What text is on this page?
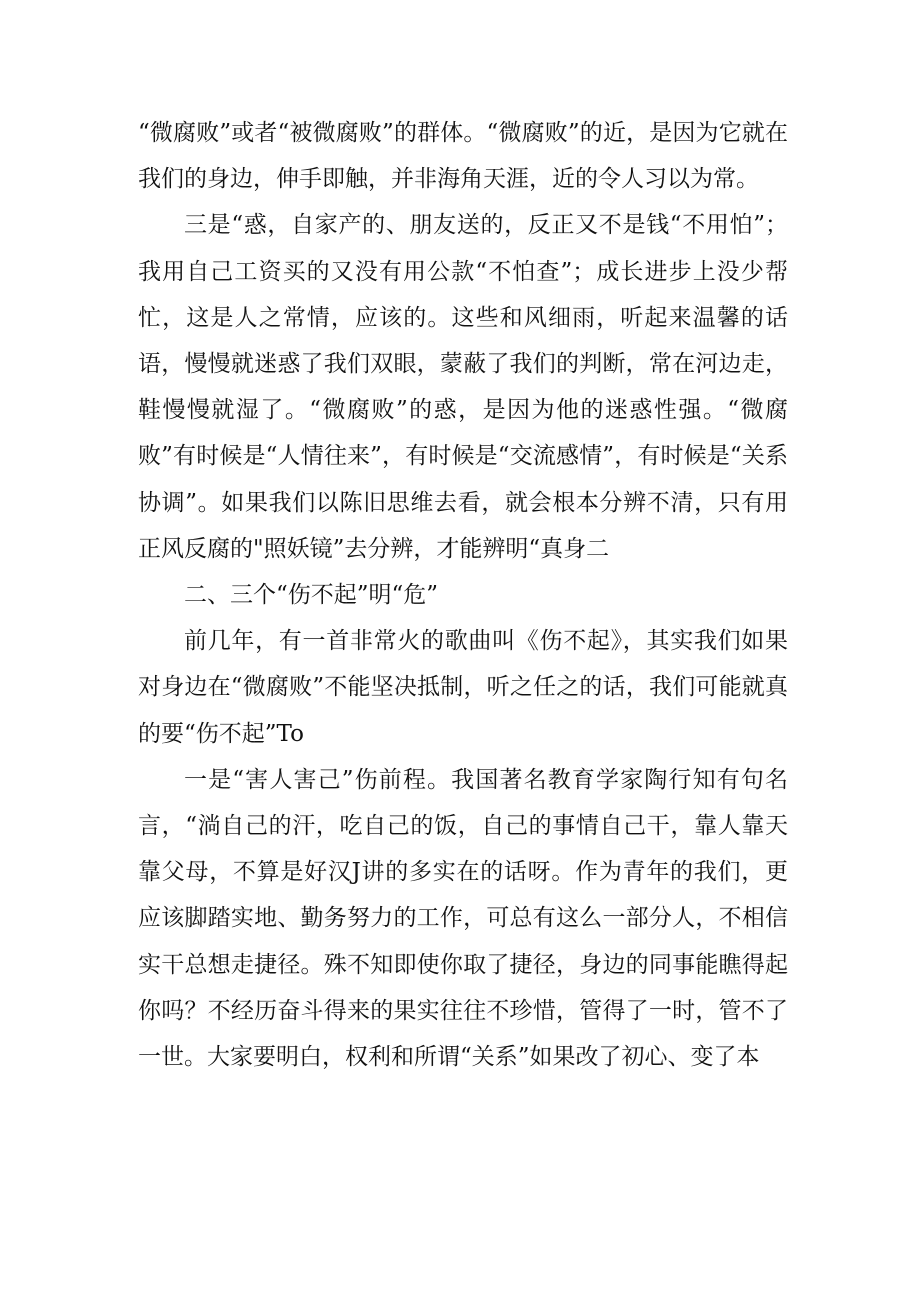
“微腐败”或者“被微腐败”的群体。“微腐败”的近，是因为它就在我们的身边，伸手即触，并非海角天涯，近的令人习以为常。

三是“惑，自家产的、朋友送的，反正又不是钱“不用怕”；我用自己工资买的又没有用公款“不怕查”；成长进步上没少帮忙，这是人之常情，应该的。这些和风细雨，听起来温馨的话语，慢慢就迷惑了我们双眼，蒙蔽了我们的判断，常在河边走，鞋慢慢就湿了。“微腐败”的惑，是因为他的迷惑性强。“微腐败”有时候是“人情往来”，有时候是“交流感情”，有时候是“关系协调”。如果我们以陈旧思维去看，就会根本分辨不清，只有用正风反腐的"照妖镜”去分辨，才能辨明“真身二

二、三个“伤不起”明“危”

前几年，有一首非常火的歌曲叫《伤不起》，其实我们如果对身边在“微腐败”不能坚决抵制，听之任之的话，我们可能就真的要“伤不起”To

一是“害人害己”伤前程。我国著名教育学家陶行知有句名言，“淌自己的汗，吃自己的饭，自己的事情自己干，靠人靠天靠父母，不算是好汉J讲的多实在的话呀。作为青年的我们，更应该脚踏实地、勤务努力的工作，可总有这么一部分人，不相信实干总想走捷径。殊不知即使你取了捷径，身边的同事能瞧得起你吗？不经历奋斗得来的果实往往不珍惜，管得了一时，管不了一世。大家要明白，权利和所谓“关系”如果改了初心、变了本
